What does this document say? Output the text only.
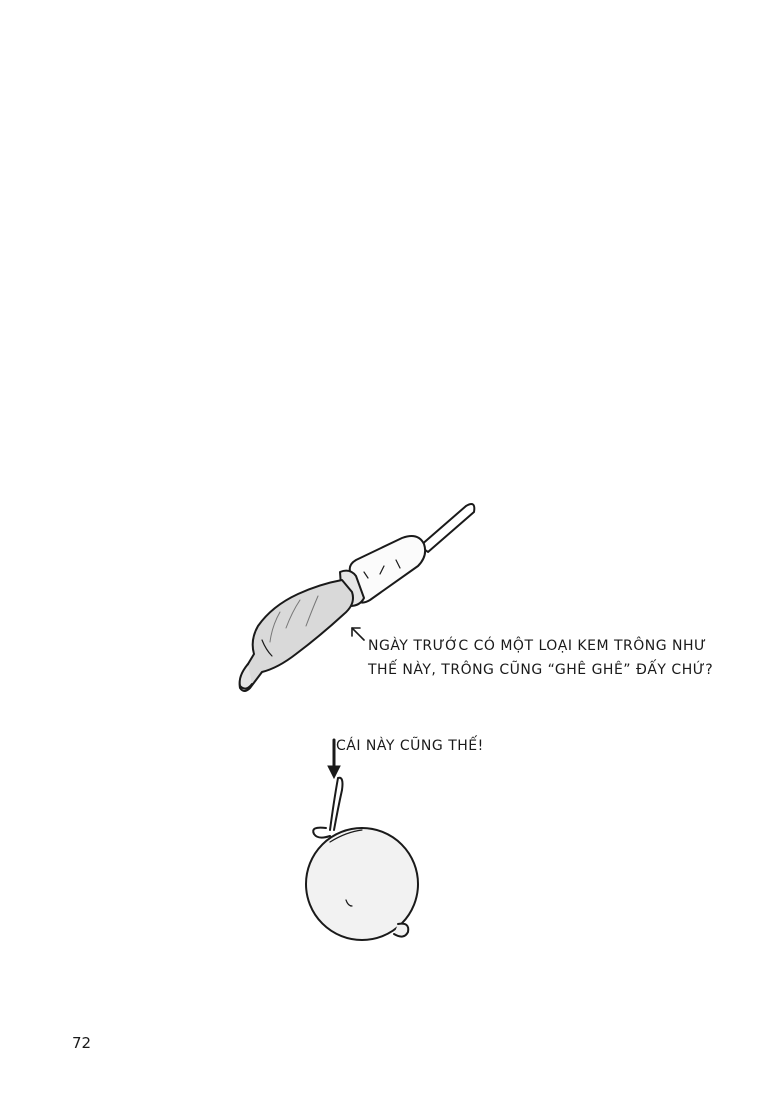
NGÀY TRƯỚC CÓ MỘT LOẠI KEM TRÔNG NHƯ
THẾ NÀY, TRÔNG CŨNG “GHÊ GHÊ” ĐẤY CHỨ?
CÁI NÀY CŨNG THẾ!
72
